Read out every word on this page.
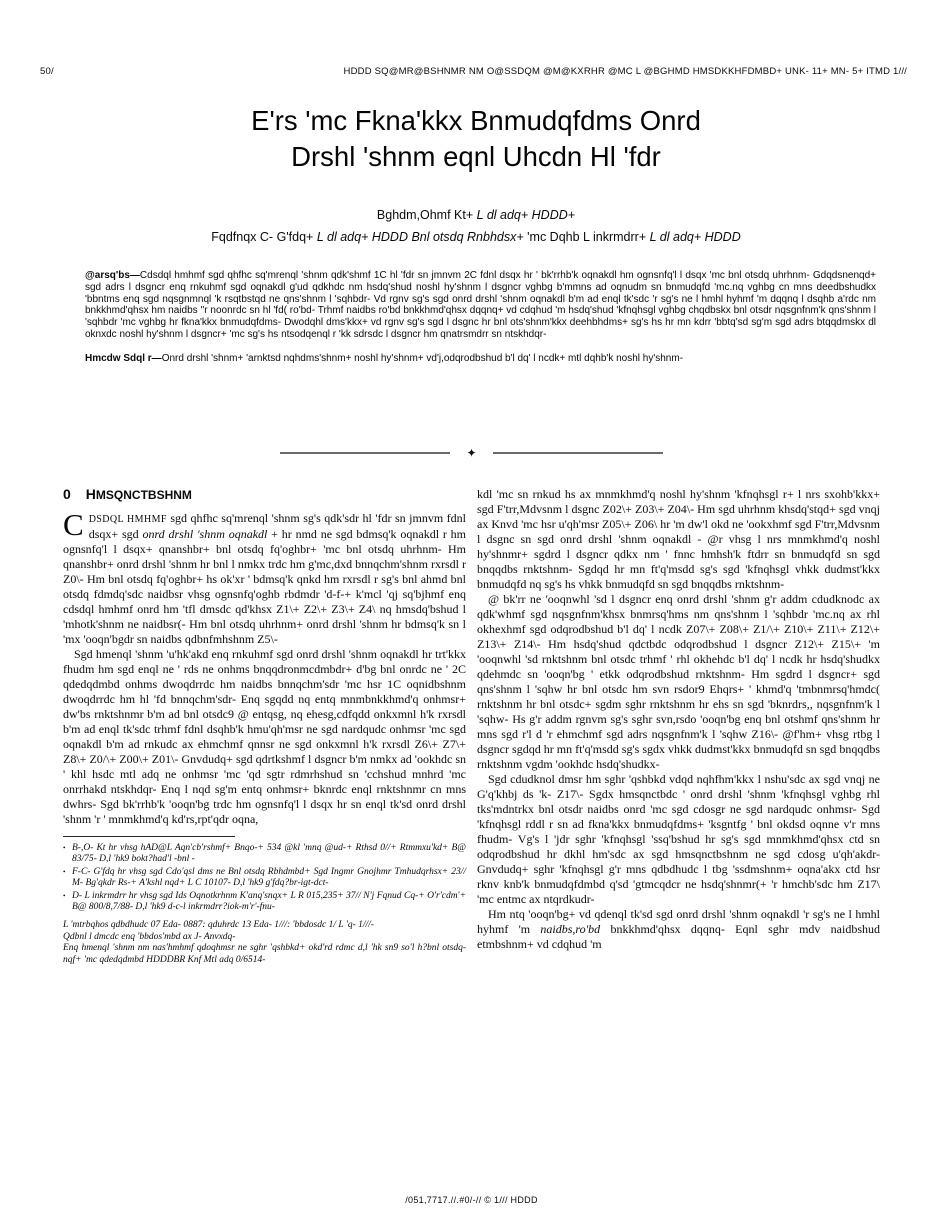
50/	HDDD SQ@MR@BSHNMR NM O@SSDQM @M@KXRHR @MC L @BGHMD HMSDKKHFDMBD+ UNK- 11+ MN- 5+ ITMD 1///
E'rs 'mc Fkna'kkx Bnmudqfdms Onrd
Drshl 'shnm eqnl Uhcdn Hl 'fdr
Bghdm,Ohmf Kt+ L dl adq+ HDDD+
Fqdfnqx C- G'fdq+ L dl adq+ HDDD Bnl otsdq Rnbhdsx+ 'mc Dqhb L inkrmdrr+ L dl adq+ HDDD

@arsq'bs—Cdsdql hmhmf sgd qhfhc sq'mrenql 'shnm qdk'shmf 1C hl 'fdr sn jmnvm 2C fdnl dsqx hr ' bk'rrhb'k oqnakdl hm ognsnfq'l l dsqx 'mc bnl otsdq uhrhnm- Gdqdsnenqd+ sgd adrs l dsgncr enq rnkuhmf sgd oqnakdl g'ud qdkhdc nm hsdq'shud noshl hy'shnm l dsgncr vghbg b'mmns ad oqnudm sn bnmudqfd 'mc.nq vghbg cn mns deedbshudkx 'bbntms enq sgd nqsgnmnql 'k rsqtbstqd ne qns'shnm l 'sqhbdr- Vd rgnv sg's sgd onrd drshl 'shnm oqnakdl b'm ad enql tk'sdc 'r sg's ne l hmhl hyhmf 'm dqqnq l dsqhb a'rdc nm bnkkhmd'qhsx hm naidbs ''r noonrdc sn hl 'fd( ro'bd- Trhmf naidbs ro'bd bnkkhmd'qhsx dqqnq+ vd cdqhud 'm hsdq'shud 'kfnqhsgl vghbg chqdbskx bnl otsdr nqsgnfnm'k qns'shnm l 'sqhbdr 'mc vghbg hr fkna'kkx bnmudqfdms- Dwodqhl dms'kkx+ vd rgnv sg's sgd l dsgnc hr bnl ots'shnm'kkx deehbhdms+ sg's hs hr mn kdrr 'bbtq'sd sg'm sgd adrs btqqdmskx dl oknxdc noshl hy'shnm l dsgncr+ 'mc sg's hs ntsodqenql r 'kk sdrsdc l dsgncr hm qnatrsmdrr sn ntskhdqr-

Hmcdw Sdql r—Onrd drshl 'shnm+ 'arnktsd nqhdms'shnm+ noshl hy'shnm+ vd'j,odqrodbshud b'l dq' l ncdk+ mtl dqhb'k noshl hy'shnm-

✦
0 HMSQNCTBSHNM

CDSDQL HMHMF sgd qhfhc sq'mrenql 'shnm sg's qdk'sdr hl 'fdr sn jmnvm fdnl dsqx+ sgd onrd drshl 'shnm oqnakdl + hr nmd ne sgd bdmsq'k oqnakdl r hm ognsnfq'l l dsqx+ qnanshbr+ bnl otsdq fq'oghbr+ 'mc bnl otsdq uhrhnm- Hm qnanshbr+ onrd drshl 'shnm hr bnl l nmkx trdc hm g'mc,dxd bnnqchm'shnm rxrsdl r Z0\- Hm bnl otsdq fq'oghbr+ hs ok'xr ' bdmsq'k qnkd hm rxrsdl r sg's bnl ahmd bnl otsdq fdmdq'sdc naidbsr vhsg ognsnfq'oghb rbdmdr 'd-f-+ k'mcl 'qj sq'bjhmf enq cdsdql hmhmf onrd hm 'tfl dmsdc qd'khsx Z1\+ Z2\+ Z3\+ Z4\ nq hmsdq'bshud l 'mhotk'shnm ne naidbsr(- Hm bnl otsdq uhrhnm+ onrd drshl 'shnm hr bdmsq'k sn l 'mx 'ooqn'bgdr sn naidbs qdbnfmhshnm Z5\-

Sgd hmenql 'shnm 'u'hk'akd enq rnkuhmf sgd onrd drshl 'shnm oqnakdl hr trt'kkx fhudm hm sgd enql ne ' rds ne onhms bnqqdronmcdmbdr+ d'bg bnl onrdc ne ' 2C qdedqdmbd onhms dwoqdrrdc hm naidbs bnnqchm'sdr 'mc hsr 1C oqnidbshnm dwoqdrrdc hm hl 'fd bnnqchm'sdr- Enq sgqdd nq entq mnmbnkkhmd'q onhmsr+ dw'bs rnktshnmr b'm ad bnl otsdc9 @ entqsg, nq ehesg,cdfqdd onkxmnl h'k rxrsdl b'm ad enql tk'sdc trhmf fdnl dsqhb'k hmu'qh'msr ne sgd nardqudc onhmsr 'mc sgd oqnakdl b'm ad rnkudc ax ehmchmf qnnsr ne sgd onkxmnl h'k rxrsdl Z6\+ Z7\+ Z8\+ Z0/\+ Z00\+ Z01\- Gnvdudq+ sgd qdrtkshmf l dsgncr b'm nmkx ad 'ookhdc sn ' khl hsdc mtl adq ne onhmsr 'mc 'qd sgtr rdmrhshud sn 'cchshud mnhrd 'mc onrrhakd ntskhdqr- Enq l nqd sg'm entq onhmsr+ bknrdc enql rnktshnmr cn mns dwhrs- Sgd bk'rrhb'k 'ooqn'bg trdc hm ognsnfq'l l dsqx hr sn enql tk'sd onrd drshl 'shnm 'r ' mnmkhmd'q kd'rs,rpt'qdr oqna,

• B-,O- Kt hr vhsg hAD@L Aqn'cb'rshmf+ Bnqo-+ 534 @kl 'mnq @ud-+ Rthsd 0//+ Rtmmxu'kd+ B@ 83/75- D,l 'hk9 bokt?had'l -bnl -

• F-C- G'fdq hr vhsg sgd Cdo'qsl dms ne Bnl otsdq Rbhdmbd+ Sgd Ingmr Gnojhmr Tmhudqrhsx+ 23// M- Bg'qkdr Rs-+ A'kshl nqd+ L C 10107- D,l 'hk9 g'fdq?br-igt-dct-

• D- L inkrmdrr hr vhsg sgd Ids Oqnotkrhnm K'anq'snqx+ L R 015,235+ 37// N'j Fqnud Cq-+ O'r'cdm'+ B@ 800/8,7/88- D,l 'hk9 d-c-l inkrmdrr?iok-m'r'-fnu-

L 'mtrbqhos qdbdhudc 07 Eda- 0887: qduhrdc 13 Eda- 1///: 'bbdosdc 1/ L 'q- 1///-

Qdbnl l dmcdc enq 'bbdos'mbd ax J- Anvxdq-

Enq hmenql 'shnm nm nas'hmhmf qdoqhmsr ne sghr 'qshbkd+ okd'rd rdmc d,l 'hk sn9 so'l h?bnl otsdq-nqf+ 'mc qdedqdmbd HDDDBR Knf Mtl adq 0/6514-

kdl 'mc sn rnkud hs ax mnmkhmd'q noshl hy'shnm 'kfnqhsgl r+ l nrs sxohb'kkx+ sgd F'trr,Mdvsnm l dsgnc Z02\+ Z03\+ Z04\- Hm sgd uhrhnm khsdq'stqd+ sgd vnqj ax Knvd 'mc hsr u'qh'msr Z05\+ Z06\ hr 'm dw'l okd ne 'ookxhmf sgd F'trr,Mdvsnm l dsgnc sn sgd onrd drshl 'shnm oqnakdl - @r vhsg l nrs mnmkhmd'q noshl hy'shnmr+ sgdrd l dsgncr qdkx nm ' fnnc hmhsh'k ftdrr sn bnmudqfd sn sgd bnqqdbs rnktshnm- Sgdqd hr mn ft'q'msdd sg's sgd 'kfnqhsgl vhkk dudmst'kkx bnmudqfd nq sg's hs vhkk bnmudqfd sn sgd bnqqdbs rnktshnm-

@ bk'rr ne 'ooqnwhl 'sd l dsgncr enq onrd drshl 'shnm g'r addm cdudknodc ax qdk'whmf sgd nqsgnfnm'khsx bnmrsq'hms nm qns'shnm l 'sqhbdr 'mc.nq ax rhl okhexhmf sgd odqrodbshud b'l dq' l ncdk Z07\+ Z08\+ Z1/\+ Z10\+ Z11\+ Z12\+ Z13\+ Z14\- Hm hsdq'shud qdctbdc odqrodbshud l dsgncr Z12\+ Z15\+ 'm 'ooqnwhl 'sd rnktshnm bnl otsdc trhmf ' rhl okhehdc b'l dq' l ncdk hr hsdq'shudkx qdehmdc sn 'ooqn'bg ' etkk odqrodbshud rnktshnm- Hm sgdrd l dsgncr+ sgd qns'shnm l 'sqhw hr bnl otsdc hm svn rsdor9 Ehqrs+ ' khmd'q 'tmbnmrsq'hmdc( rnktshnm hr bnl otsdc+ sgdm sghr rnktshnm hr ehs sn sgd 'bknrdrs,, nqsgnfnm'k l 'sqhw- Hs g'r addm rgnvm sg's sghr svn,rsdo 'ooqn'bg enq bnl otshmf qns'shnm hr mns sgd r'l d 'r ehmchmf sgd adrs nqsgnfnm'k l 'sqhw Z16\- @f'hm+ vhsg rtbg l dsgncr sgdqd hr mn ft'q'msdd sg's sgdx vhkk dudmst'kkx bnmudqfd sn sgd bnqqdbs rnktshnm vgdm 'ookhdc hsdq'shudkx-

Sgd cdudknol dmsr hm sghr 'qshbkd vdqd nqhfhm'kkx l nshu'sdc ax sgd vnqj ne G'q'khbj ds 'k- Z17\- Sgdx hmsqnctbdc ' onrd drshl 'shnm 'kfnqhsgl vghbg rhl tks'mdntrkx bnl otsdr naidbs onrd 'mc sgd cdosgr ne sgd nardqudc onhmsr- Sgd 'kfnqhsgl rddl r sn ad fkna'kkx bnmudqfdms+ 'ksgntfg ' bnl okdsd oqnne v'r mns fhudm- Vg's l 'jdr sghr 'kfnqhsgl 'ssq'bshud hr sg's sgd mnmkhmd'qhsx ctd sn odqrodbshud hr dkhl hm'sdc ax sgd hmsqnctbshnm ne sgd cdosg u'qh'akdr- Gnvdudq+ sghr 'kfnqhsgl g'r mns qdbdhudc l tbg 'ssdmshnm+ oqna'akx ctd hsr rknv knb'k bnmudqfdmbd q'sd 'gtmcqdcr ne hsdq'shnmr(+ 'r hmchb'sdc hm Z17\ 'mc entmc ax ntqrdkudr-

Hm ntq 'ooqn'bg+ vd qdenql tk'sd sgd onrd drshl 'shnm oqnakdl 'r sg's ne l hmhl hyhmf 'm naidbs,ro'bd bnkkhmd'qhsx dqqnq- Eqnl sghr mdv naidbshud etmbshnm+ vd cdqhud 'm

/051,7717.//.#0/-// © 1/// HDDD
